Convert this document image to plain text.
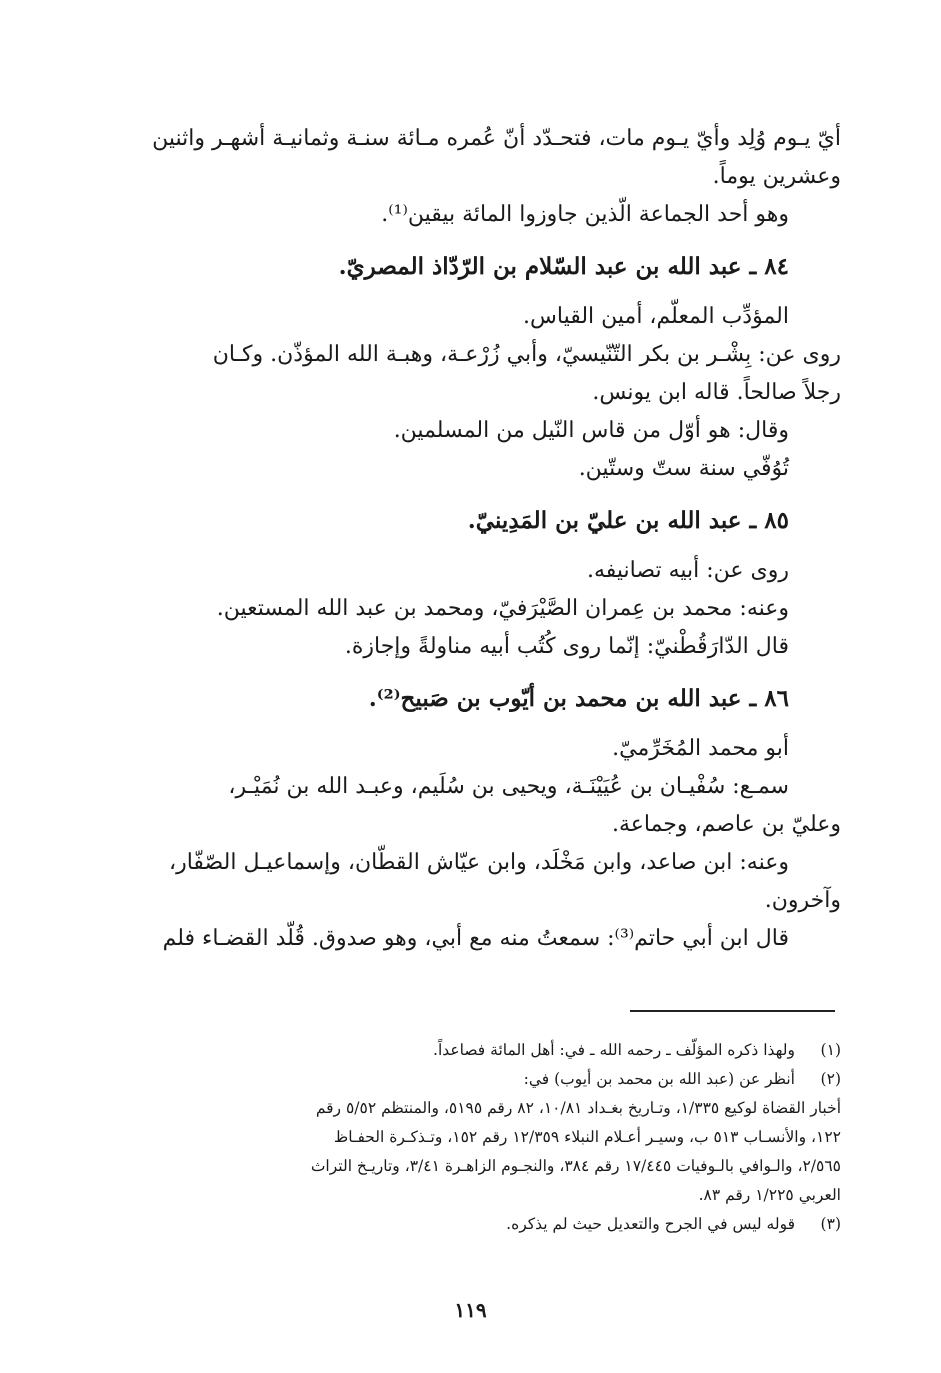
أيّ يـوم وُلِد وأيّ يـوم مات، فتحـدّد أنّ عُمره مـائة سنـة وثمانيـة أشهـر واثنين

وعشرين يوماً.

وهو أحد الجماعة الّذين جاوزوا المائة بيقين⁽¹⁾.

٨٤ ـ عبد الله بن عبد السّلام بن الرّدّاذ المصريّ.

المؤدِّب المعلّم، أمين القياس.

روى عن: بِشْـر بن بكر التّنّيسيّ، وأبي زُرْعـة، وهبـة الله المؤذّن. وكـان

رجلاً صالحاً. قاله ابن يونس.

وقال: هو أوّل من قاس النّيل من المسلمين.

تُوُفّي سنة ستّ وستّين.

٨٥ ـ عبد الله بن عليّ بن المَدِينيّ.

روى عن: أبيه تصانيفه.

وعنه: محمد بن عِمران الصَّيْرَفيّ، ومحمد بن عبد الله المستعين.

قال الدّارَقُطْنيّ: إنّما روى كُتُب أبيه مناولةً وإجازة.

٨٦ ـ عبد الله بن محمد بن أيّوب بن صَبيح⁽²⁾.

أبو محمد المُخَرِّميّ.

سمـع: سُفْيـان بن عُيَيْنَـة، ويحيى بن سُلَيم، وعبـد الله بن نُمَيْـر،

وعليّ بن عاصم، وجماعة.

وعنه: ابن صاعد، وابن مَخْلَد، وابن عيّاش القطّان، وإسماعيـل الصّفّار،

وآخرون.

قال ابن أبي حاتم⁽³⁾: سمعتُ منه مع أبي، وهو صدوق. قُلّد القضـاء فلم

(١)
ولهذا ذكره المؤلّف ـ رحمه الله ـ في: أهل المائة فصاعداً.
(٢)
أنظر عن (عبد الله بن محمد بن أيوب) في:
أخبار القضاة لوكيع ١/٣٣٥، وتـاريخ بغـداد ١٠/٨١، ٨٢ رقم ٥١٩٥، والمنتظم ٥/٥٢ رقم
١٢٢، والأنسـاب ٥١٣ ب، وسيـر أعـلام النبلاء ١٢/٣٥٩ رقم ١٥٢، وتـذكـرة الحفـاظ
٢/٥٦٥، والـوافي بالـوفيات ١٧/٤٤٥ رقم ٣٨٤، والنجـوم الزاهـرة ٣/٤١، وتاريـخ التراث
العربي ١/٢٢٥ رقم ٨٣.
(٣)
قوله ليس في الجرح والتعديل حيث لم يذكره.
١١٩
